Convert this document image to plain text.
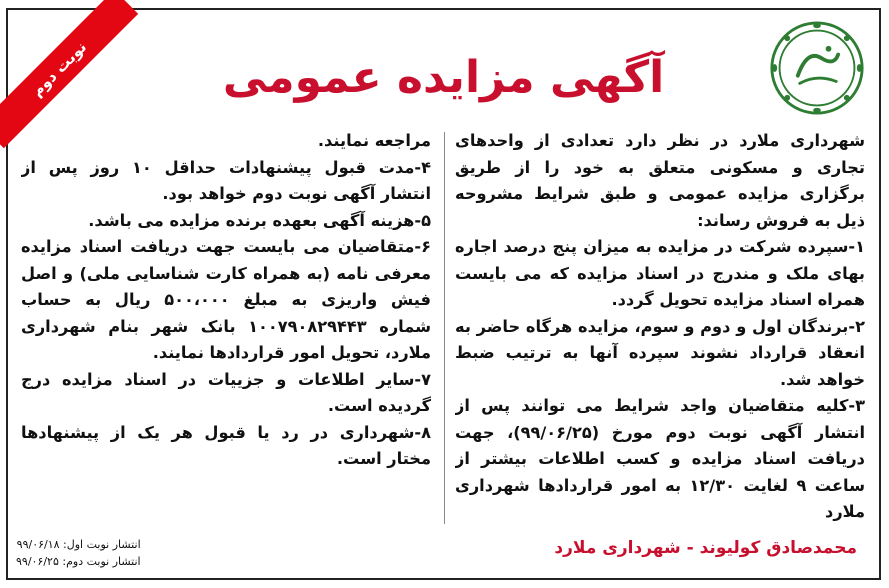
نوبت دوم	آگهی مزایده عمومی

شهرداری ملارد در نظر دارد تعدادی از واحدهای تجاری و مسکونی متعلق به خود را از طریق برگزاری مزایده عمومی و طبق شرایط مشروحه ذیل به فروش رساند:

۱-سپرده شرکت در مزایده به میزان پنج درصد اجاره بهای ملک و مندرج در اسناد مزایده که می بایست همراه اسناد مزایده تحویل گردد.

۲-برندگان اول و دوم و سوم، مزایده هرگاه حاضر به انعقاد قرارداد نشوند سپرده آنها به ترتیب ضبط خواهد شد.

۳-کلیه متقاضیان واجد شرایط می توانند پس از انتشار آگهی نوبت دوم مورخ (۹۹/۰۶/۲۵)، جهت دریافت اسناد مزایده و کسب اطلاعات بیشتر از ساعت ۹ لغایت ۱۲/۳۰ به امور قراردادها شهرداری ملارد

مراجعه نمایند.

۴-مدت قبول پیشنهادات حداقل ۱۰ روز پس از انتشار آگهی نوبت دوم خواهد بود.

۵-هزینه آگهی بعهده برنده مزایده می باشد.

۶-متقاضیان می بایست جهت دریافت اسناد مزایده معرفی نامه (به همراه کارت شناسایی ملی) و اصل فیش واریزی به مبلغ ۵۰۰،۰۰۰ ریال به حساب شماره ۱۰۰۷۹۰۸۲۹۴۴۳ بانک شهر بنام شهرداری ملارد، تحویل امور قراردادها نمایند.

۷-سایر اطلاعات و جزییات در اسناد مزایده درج گردیده است.

۸-شهرداری در رد یا قبول هر یک از پیشنهادها مختار است.

محمدصادق کولیوند - شهرداری ملارد
انتشار نوبت اول: ۹۹/۰۶/۱۸
انتشار نوبت دوم: ۹۹/۰۶/۲۵
